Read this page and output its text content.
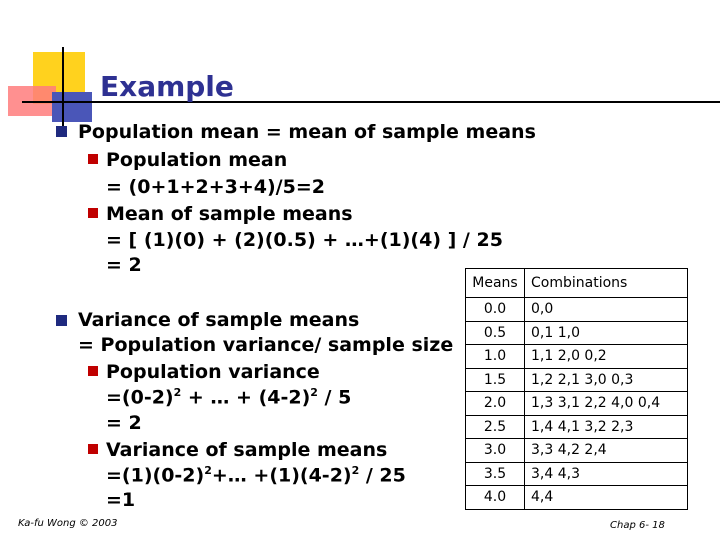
Example
Population mean = mean of sample means
Population mean
= (0+1+2+3+4)/5=2
Mean of sample means
= [ (1)(0) + (2)(0.5) + …+(1)(4) ] / 25
= 2
Variance of sample means
= Population variance/ sample size
Population variance
$=(0-2)^2$ + … + $(4-2)^2 / 5$
= 2
Variance of sample means
$=(1)(0-2)^2+\dots +(1)(4-2)^2 / 25$
=1
Means	Combinations
0.0	0,0
0.5	0,1 1,0
1.0	1,1 2,0 0,2
1.5	1,2 2,1 3,0 0,3
2.0	1,3 3,1 2,2 4,0 0,4
2.5	1,4 4,1 3,2 2,3
3.0	3,3 4,2 2,4
3.5	3,4 4,3
4.0	4,4
Ka-fu Wong © 2003	Chap 6- 18
